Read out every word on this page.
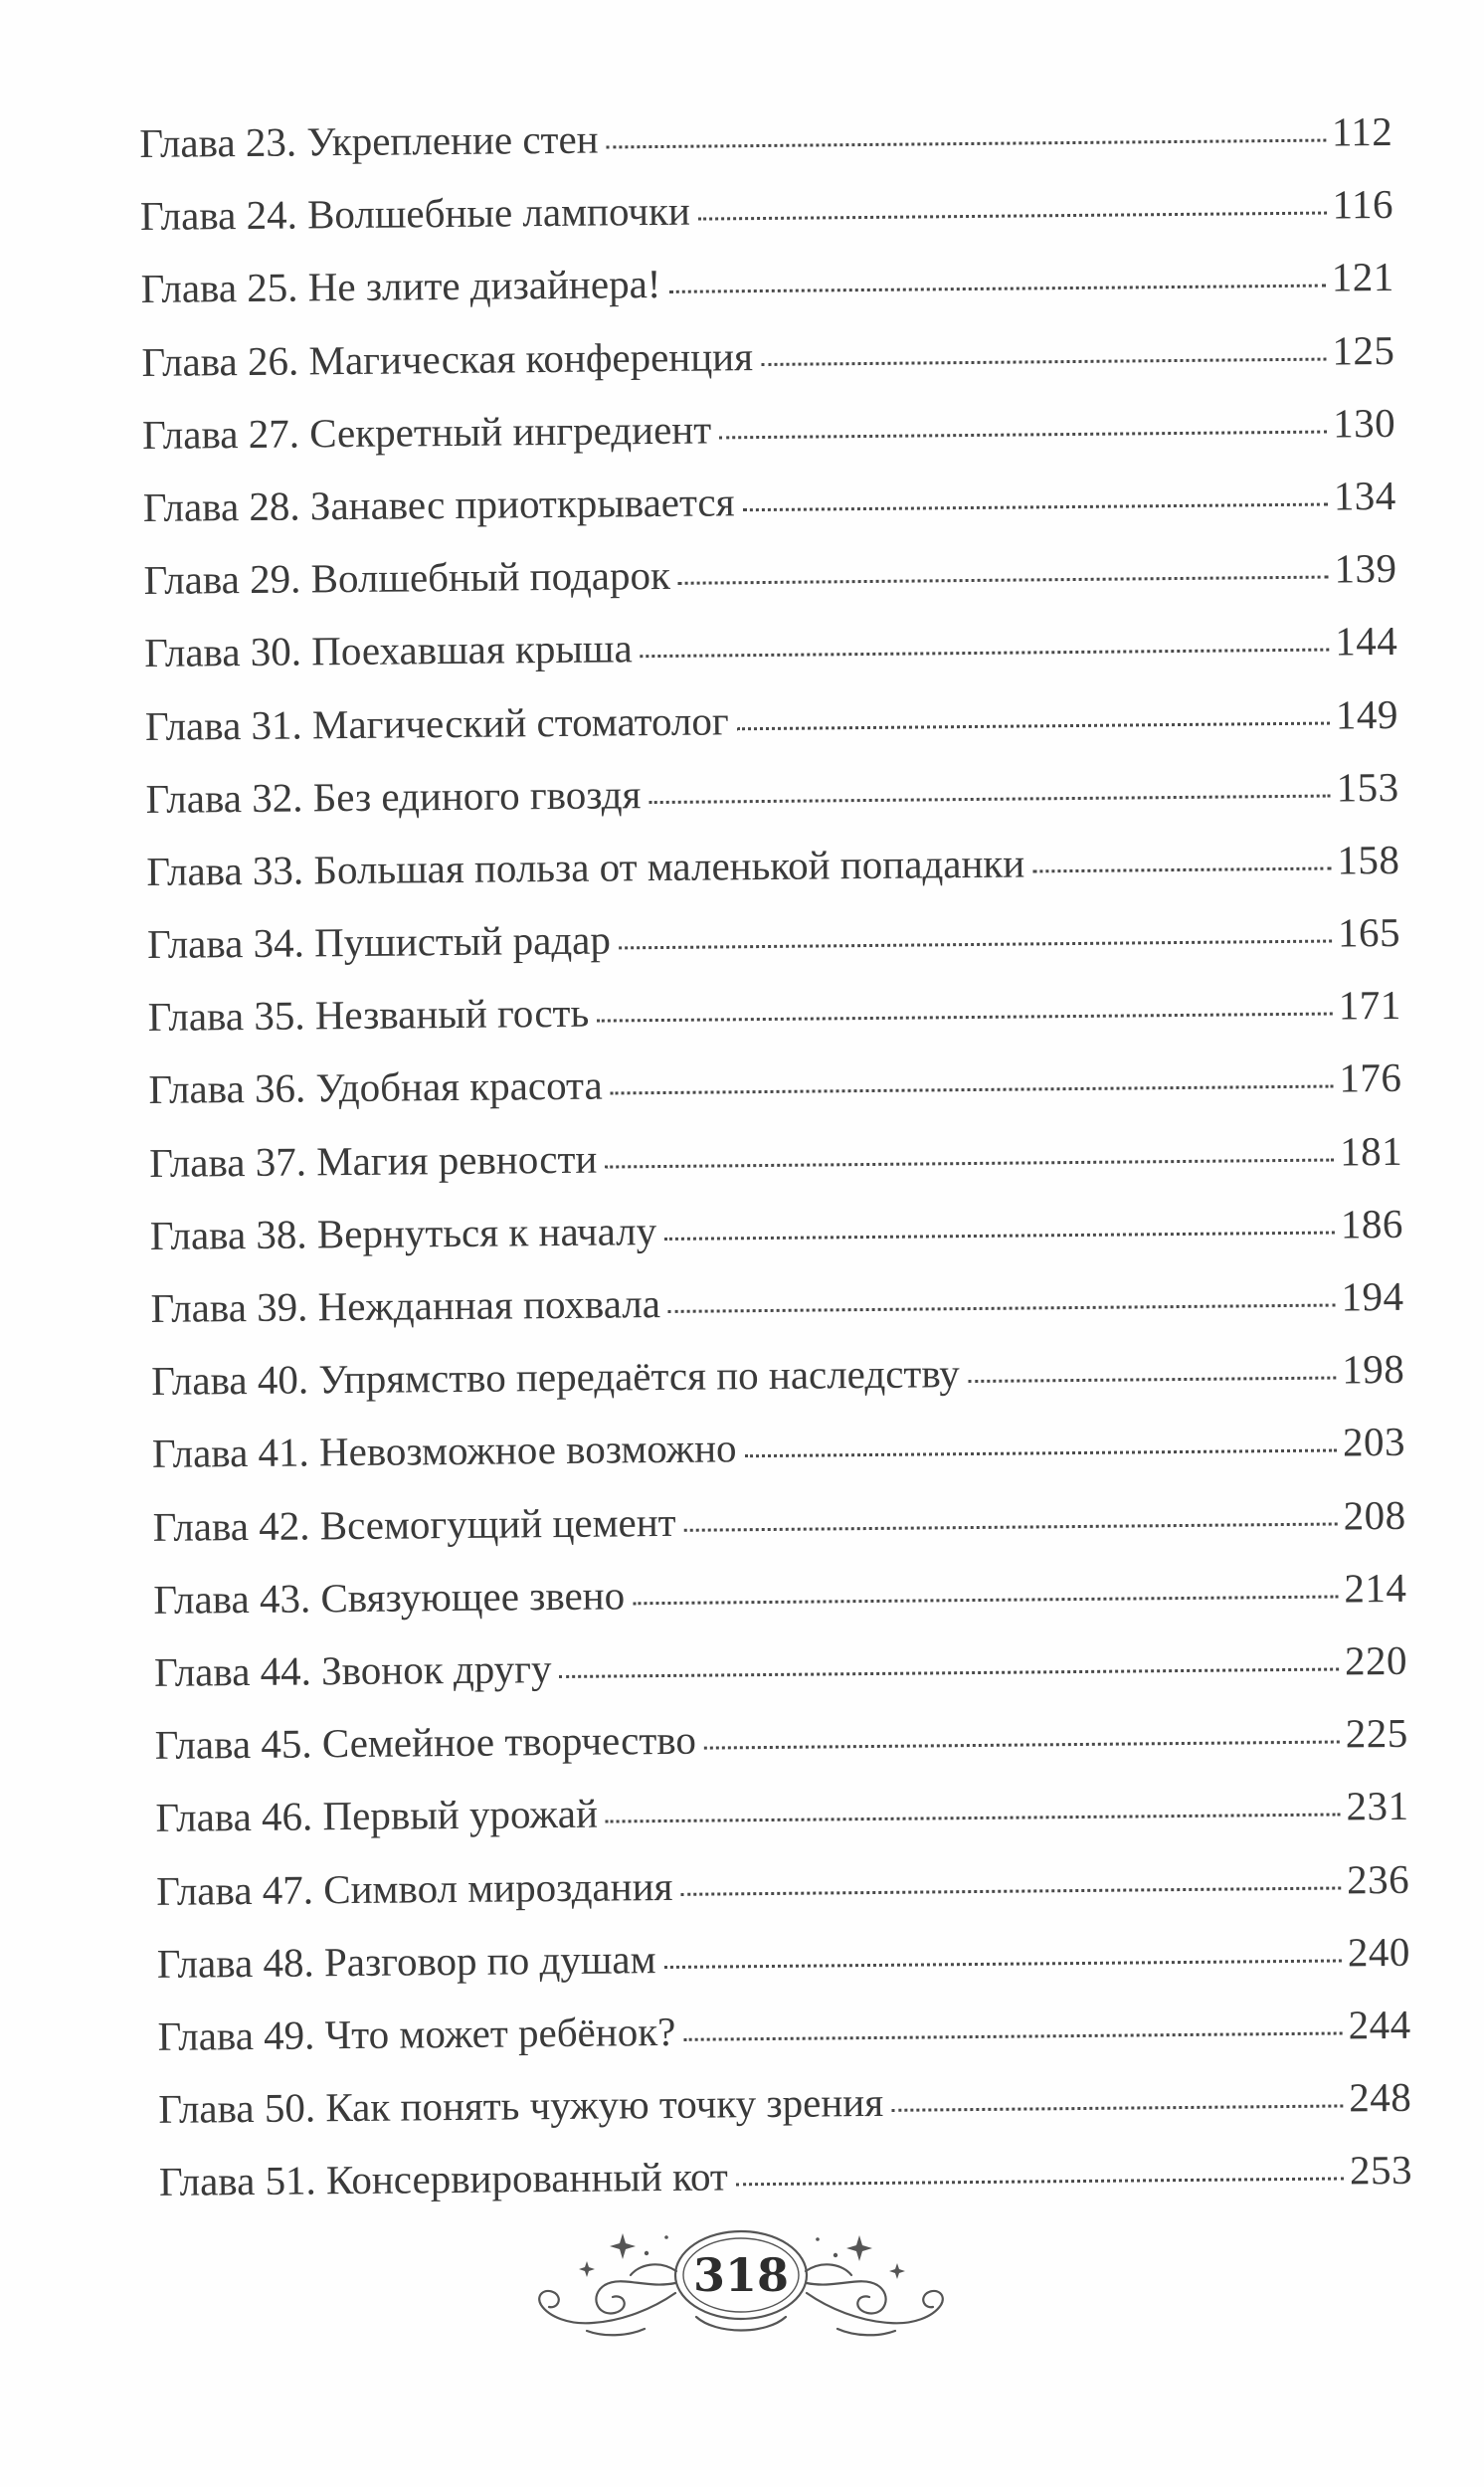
Глава 23. Укрепление стен	112
Глава 24. Волшебные лампочки	116
Глава 25. Не злите дизайнера!	121
Глава 26. Магическая конференция	125
Глава 27. Секретный ингредиент	130
Глава 28. Занавес приоткрывается	134
Глава 29. Волшебный подарок	139
Глава 30. Поехавшая крыша	144
Глава 31. Магический стоматолог	149
Глава 32. Без единого гвоздя	153
Глава 33. Большая польза от маленькой попаданки	158
Глава 34. Пушистый радар	165
Глава 35. Незваный гость	171
Глава 36. Удобная красота	176
Глава 37. Магия ревности	181
Глава 38. Вернуться к началу	186
Глава 39. Нежданная похвала	194
Глава 40. Упрямство передаётся по наследству	198
Глава 41. Невозможное возможно	203
Глава 42. Всемогущий цемент	208
Глава 43. Связующее звено	214
Глава 44. Звонок другу	220
Глава 45. Семейное творчество	225
Глава 46. Первый урожай	231
Глава 47. Символ мироздания	236
Глава 48. Разговор по душам	240
Глава 49. Что может ребёнок?	244
Глава 50. Как понять чужую точку зрения	248
Глава 51. Консервированный кот	253
318
